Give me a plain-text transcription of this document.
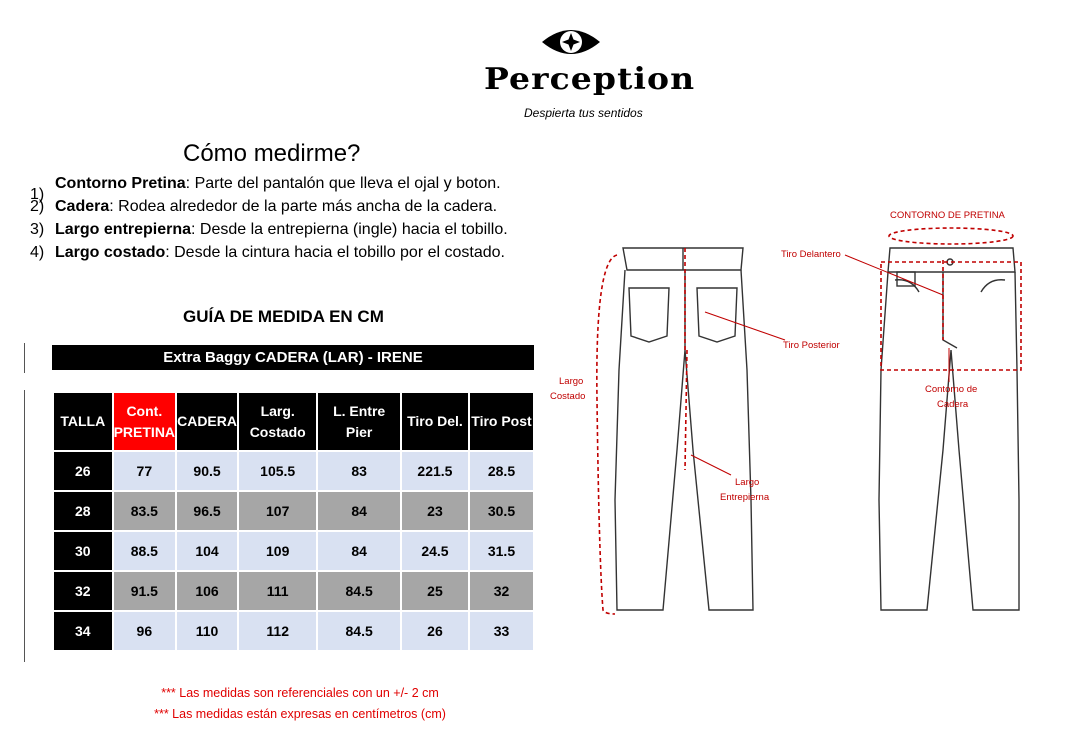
Perception
Despierta tus sentidos
Cómo medirme?
1)
Contorno Pretina: Parte del pantalón que lleva el ojal y boton.
2) Cadera: Rodea alrededor de la parte más ancha de la cadera.
3) Largo entrepierna: Desde la entrepierna (ingle) hacia el tobillo.
4) Largo costado: Desde la cintura hacia el tobillo por el costado.
GUÍA DE MEDIDA EN CM
Extra Baggy CADERA (LAR) - IRENE
TALLA	Cont. PRETINA	CADERA	Larg. Costado	L. Entre Pier	Tiro Del.	Tiro Post
26	77	90.5	105.5	83	221.5	28.5
28	83.5	96.5	107	84	23	30.5
30	88.5	104	109	84	24.5	31.5
32	91.5	106	111	84.5	25	32
34	96	110	112	84.5	26	33
*** Las medidas son referenciales con un +/- 2 cm
*** Las medidas están expresas en centímetros (cm)
CONTORNO DE PRETINA
Tiro Delantero
Tiro Posterior
Largo
Costado
Largo
Entrepierna
Contorno de
Cadera
